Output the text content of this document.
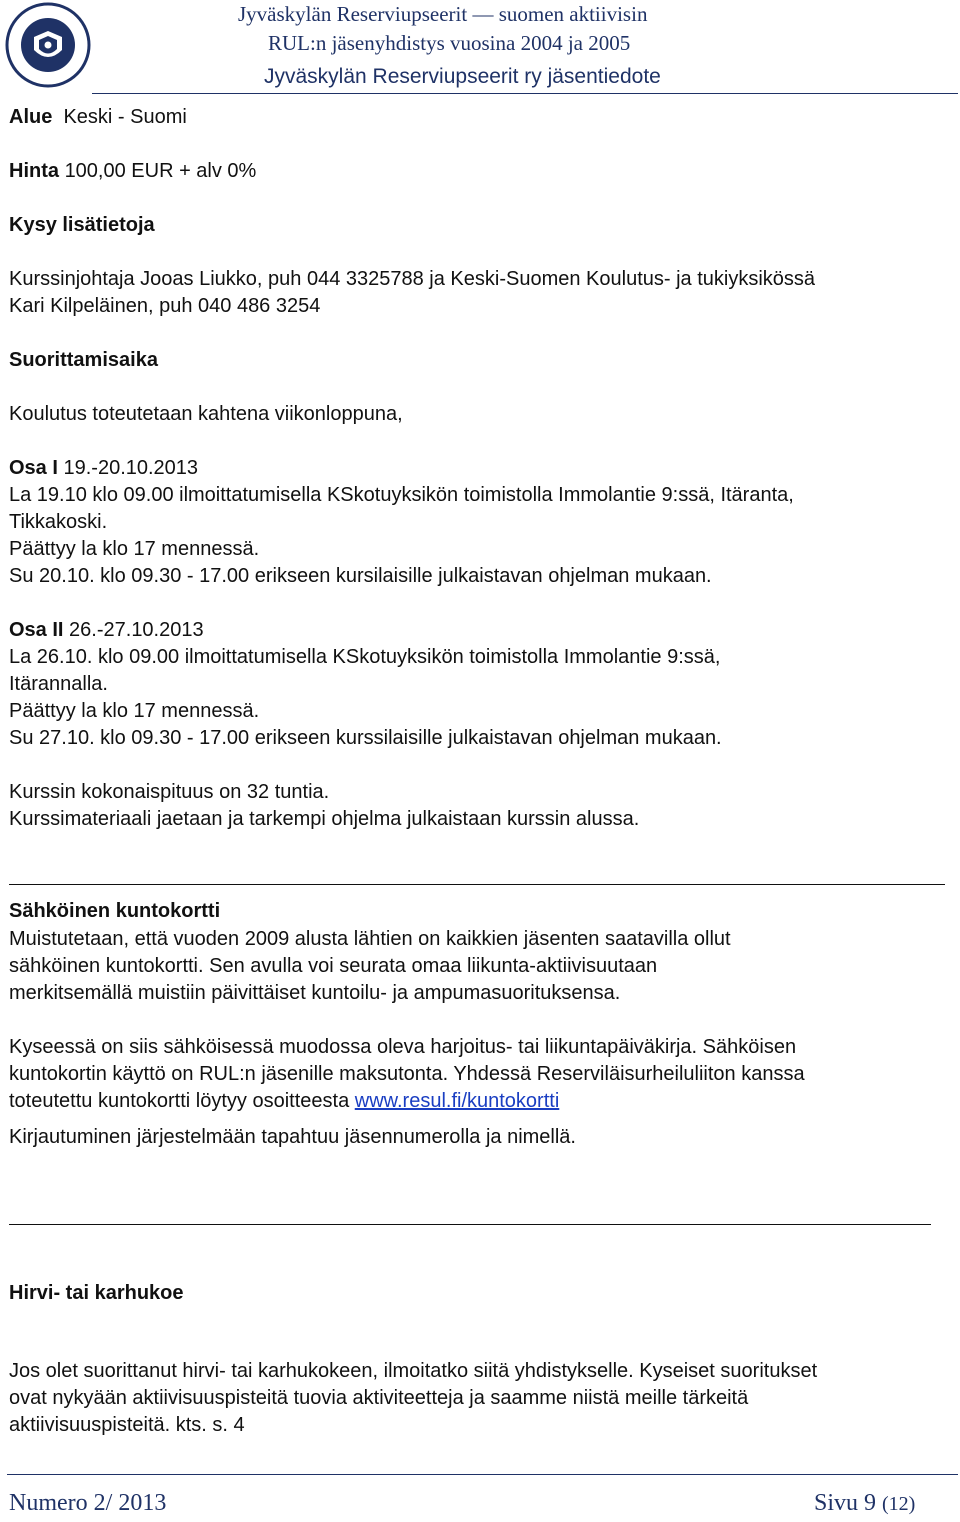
Jyväskylän Reserviupseerit — suomen aktiivisin
RUL:n jäsenyhdistys vuosina 2004 ja 2005
Jyväskylän Reserviupseerit ry jäsentiedote
Alue Keski - Suomi
Hinta 100,00 EUR + alv 0%
Kysy lisätietoja
Kurssinjohtaja Jooas Liukko, puh 044 3325788 ja Keski-Suomen Koulutus- ja tukiyksikössä
Kari Kilpeläinen, puh 040 486 3254
Suorittamisaika
Koulutus toteutetaan kahtena viikonloppuna,
Osa I 19.-20.10.2013
La 19.10 klo 09.00 ilmoittatumisella KSkotuyksikön toimistolla Immolantie 9:ssä, Itäranta,
Tikkakoski.
Päättyy la klo 17 mennessä.
Su 20.10. klo 09.30 - 17.00 erikseen kursilaisille julkaistavan ohjelman mukaan.
Osa II 26.-27.10.2013
La 26.10. klo 09.00 ilmoittatumisella KSkotuyksikön toimistolla Immolantie 9:ssä,
Itärannalla.
Päättyy la klo 17 mennessä.
Su 27.10. klo 09.30 - 17.00 erikseen kurssilaisille julkaistavan ohjelman mukaan.
Kurssin kokonaispituus on 32 tuntia.
Kurssimateriaali jaetaan ja tarkempi ohjelma julkaistaan kurssin alussa.
Sähköinen kuntokortti
Muistutetaan, että vuoden 2009 alusta lähtien on kaikkien jäsenten saatavilla ollut
sähköinen kuntokortti. Sen avulla voi seurata omaa liikunta-aktiivisuutaan
merkitsemällä muistiin päivittäiset kuntoilu- ja ampumasuorituksensa.
Kyseessä on siis sähköisessä muodossa oleva harjoitus- tai liikuntapäiväkirja. Sähköisen
kuntokortin käyttö on RUL:n jäsenille maksutonta. Yhdessä Reserviläisurheiluliiton kanssa
toteutettu kuntokortti löytyy osoitteesta www.resul.fi/kuntokortti
Kirjautuminen järjestelmään tapahtuu jäsennumerolla ja nimellä.
Hirvi- tai karhukoe
Jos olet suorittanut hirvi- tai karhukokeen, ilmoitatko siitä yhdistykselle. Kyseiset suoritukset
ovat nykyään aktiivisuuspisteitä tuovia aktiviteetteja ja saamme niistä meille tärkeitä
aktiivisuuspisteitä. kts. s. 4
Numero 2/ 2013	Sivu 9 (12)
